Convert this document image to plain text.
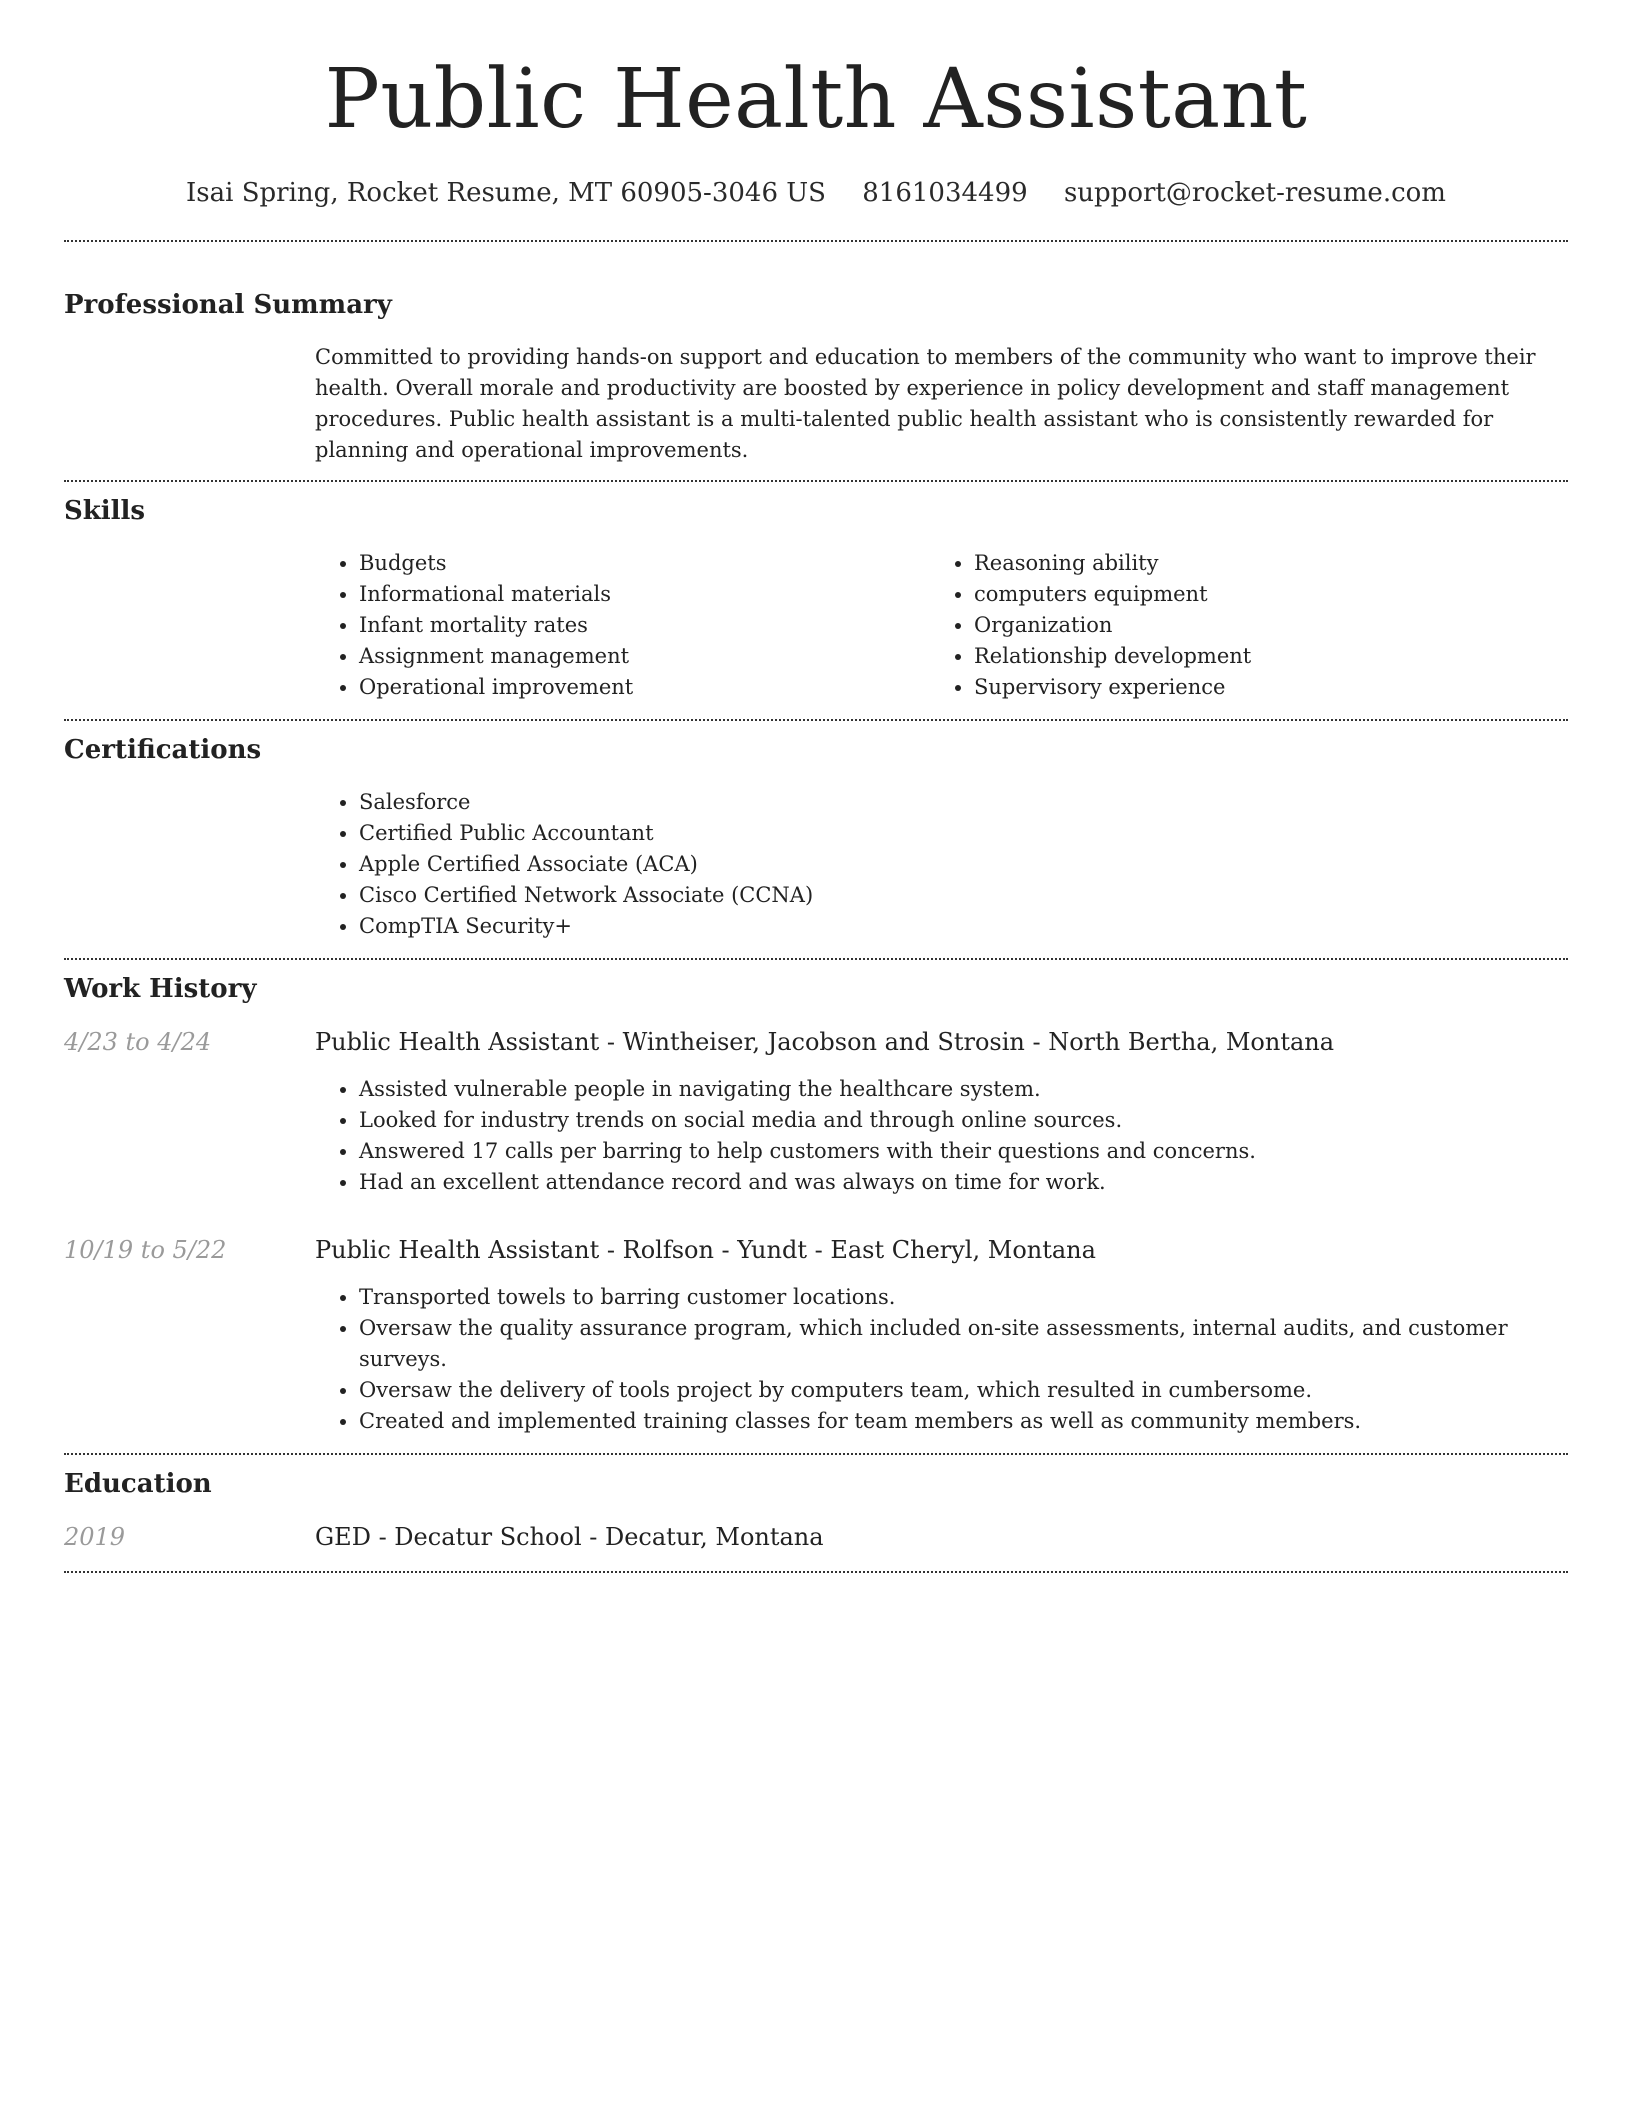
Public Health Assistant
Isai Spring, Rocket Resume, MT 60905-3046 US 8161034499 support@rocket-resume.com
Professional Summary

Committed to providing hands-on support and education to members of the community who want to improve their health. Overall morale and productivity are boosted by experience in policy development and staff management procedures. Public health assistant is a multi-talented public health assistant who is consistently rewarded for planning and operational improvements.

Skills
• Budgets
• Informational materials
• Infant mortality rates
• Assignment management
• Operational improvement
• Reasoning ability
• computers equipment
• Organization
• Relationship development
• Supervisory experience
Certifications
• Salesforce
• Certified Public Accountant
• Apple Certified Associate (ACA)
• Cisco Certified Network Associate (CCNA)
• CompTIA Security+
Work History
4/23 to 4/24	Public Health Assistant - Wintheiser, Jacobson and Strosin - North Bertha, Montana
• Assisted vulnerable people in navigating the healthcare system.
• Looked for industry trends on social media and through online sources.
• Answered 17 calls per barring to help customers with their questions and concerns.
• Had an excellent attendance record and was always on time for work.
10/19 to 5/22	Public Health Assistant - Rolfson - Yundt - East Cheryl, Montana
• Transported towels to barring customer locations.
• Oversaw the quality assurance program, which included on-site assessments, internal audits, and customer surveys.
• Oversaw the delivery of tools project by computers team, which resulted in cumbersome.
• Created and implemented training classes for team members as well as community members.
Education
2019	GED - Decatur School - Decatur, Montana
